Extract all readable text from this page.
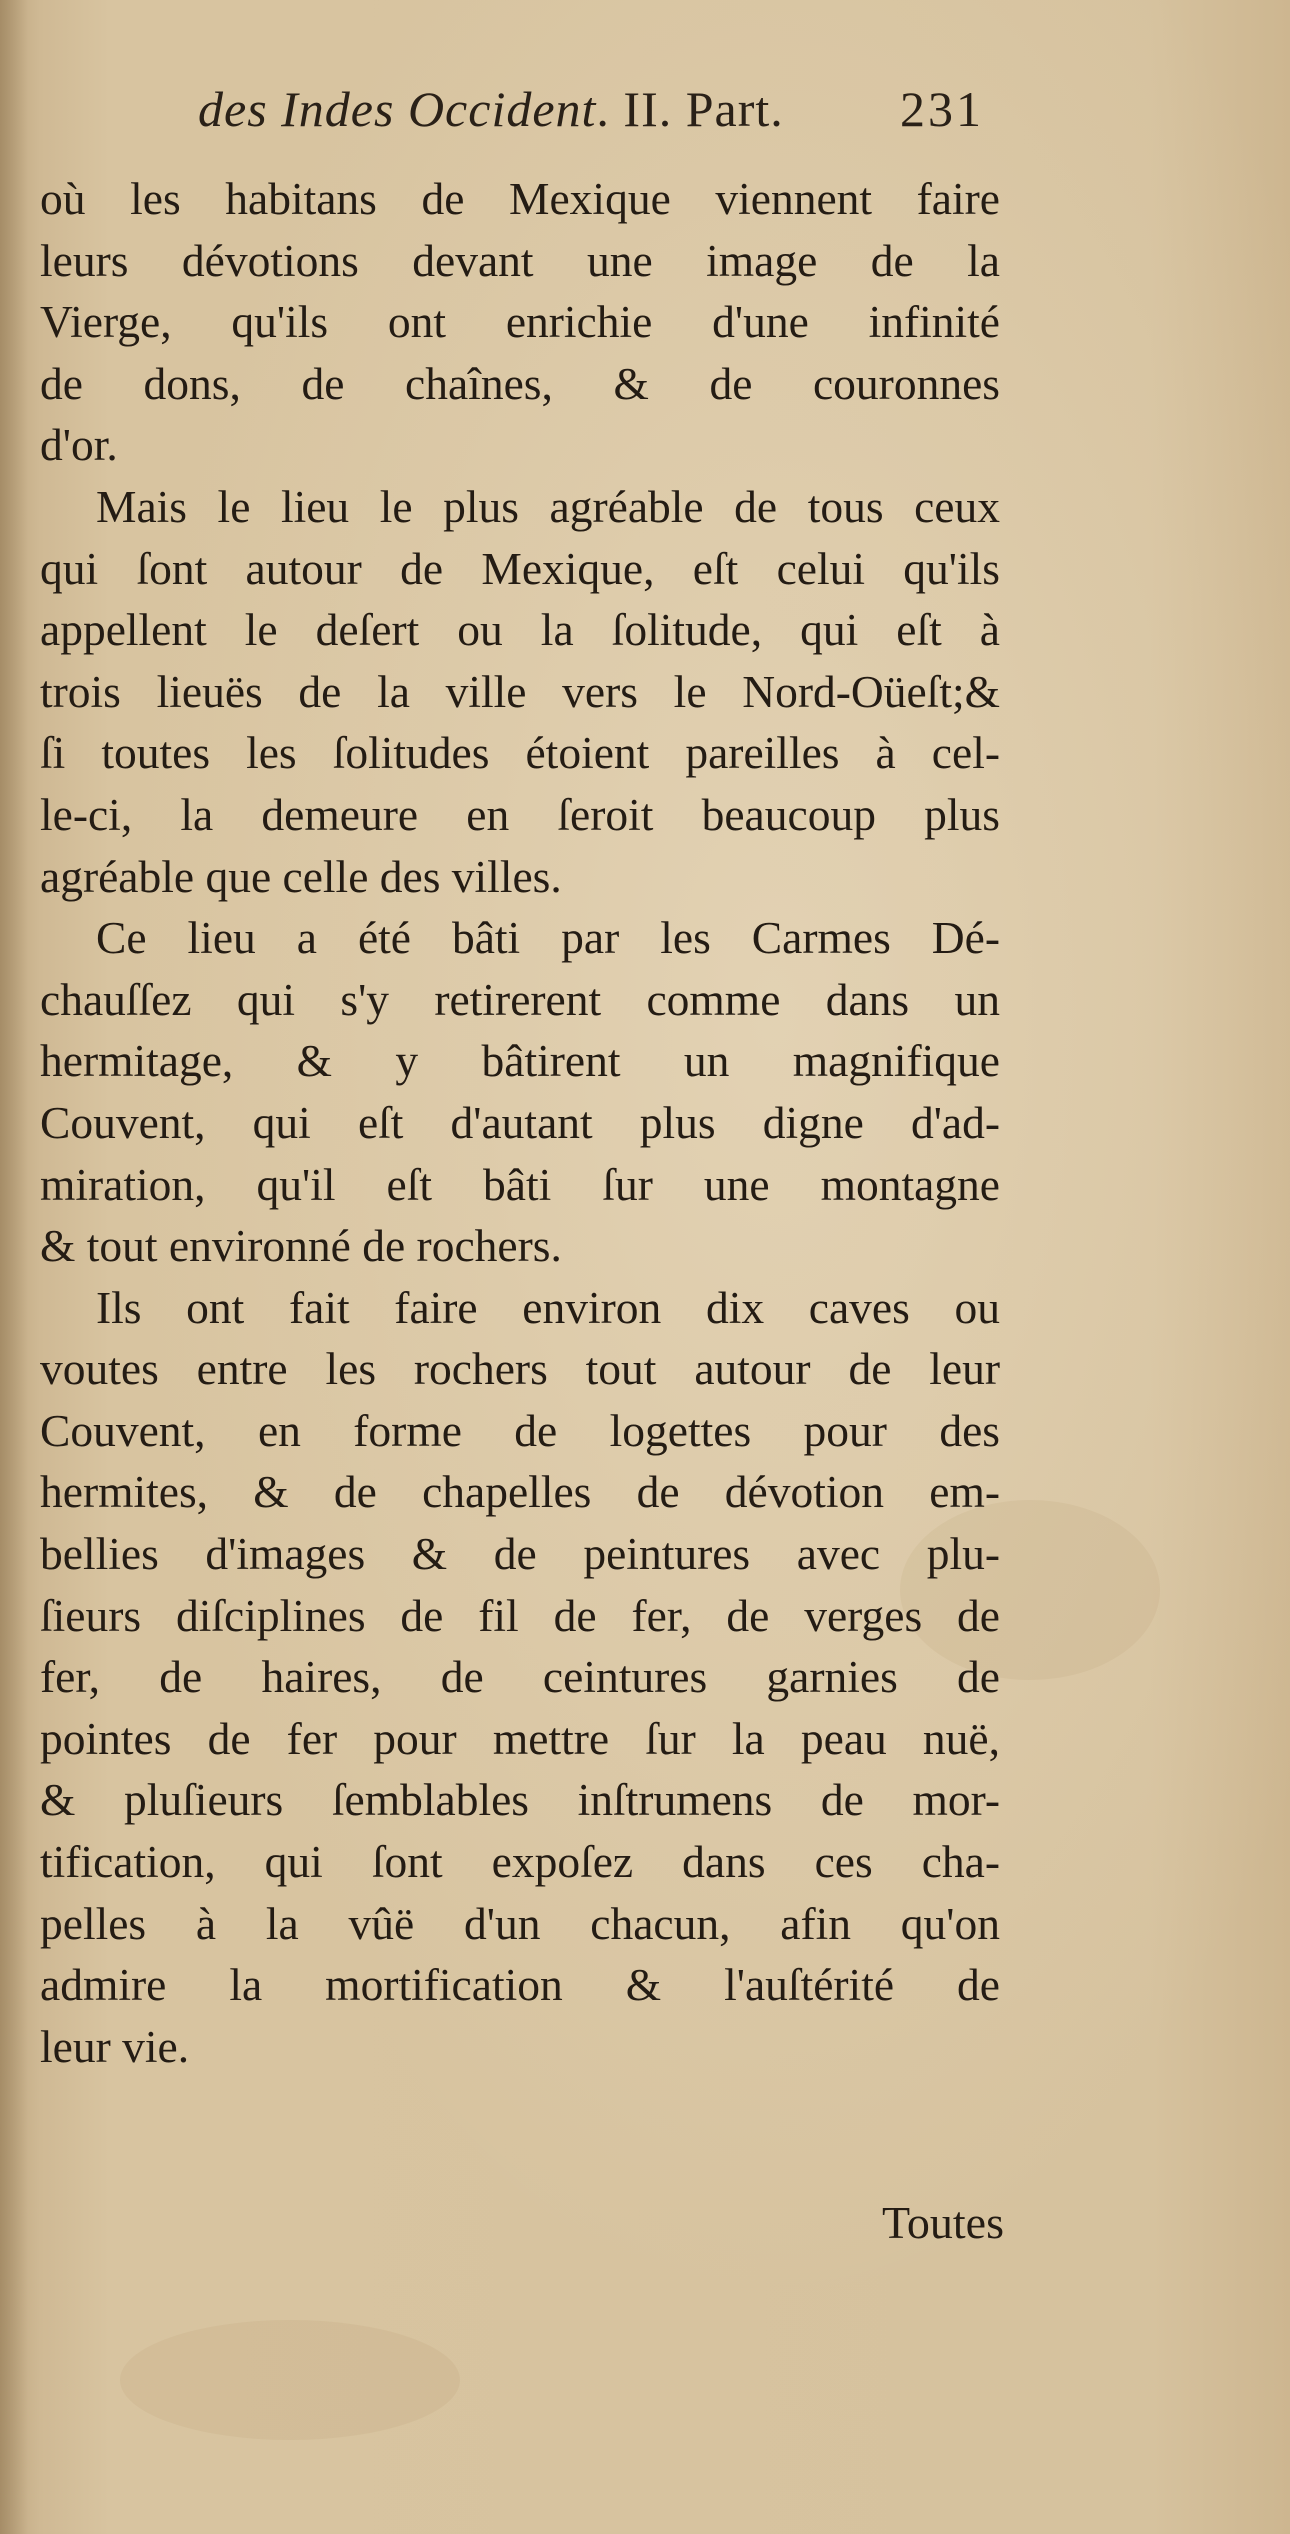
des Indes Occident. II. Part. 231
où les habitans de Mexique viennent faire
leurs dévotions devant une image de la
Vierge, qu'ils ont enrichie d'une infinité
de dons, de chaînes, & de couronnes
d'or.
Mais le lieu le plus agréable de tous ceux
qui ſont autour de Mexique, eſt celui qu'ils
appellent le deſert ou la ſolitude, qui eſt à
trois lieuës de la ville vers le Nord-Oüeſt;&
ſi toutes les ſolitudes étoient pareilles à cel-
le-ci, la demeure en ſeroit beaucoup plus
agréable que celle des villes.
Ce lieu a été bâti par les Carmes Dé-
chauſſez qui s'y retirerent comme dans un
hermitage, & y bâtirent un magnifique
Couvent, qui eſt d'autant plus digne d'ad-
miration, qu'il eſt bâti ſur une montagne
& tout environné de rochers.
Ils ont fait faire environ dix caves ou
voutes entre les rochers tout autour de leur
Couvent, en forme de logettes pour des
hermites, & de chapelles de dévotion em-
bellies d'images & de peintures avec plu-
ſieurs diſciplines de fil de fer, de verges de
fer, de haires, de ceintures garnies de
pointes de fer pour mettre ſur la peau nuë,
& pluſieurs ſemblables inſtrumens de mor-
tification, qui ſont expoſez dans ces cha-
pelles à la vûë d'un chacun, afin qu'on
admire la mortification & l'auſtérité de
leur vie.
Toutes
